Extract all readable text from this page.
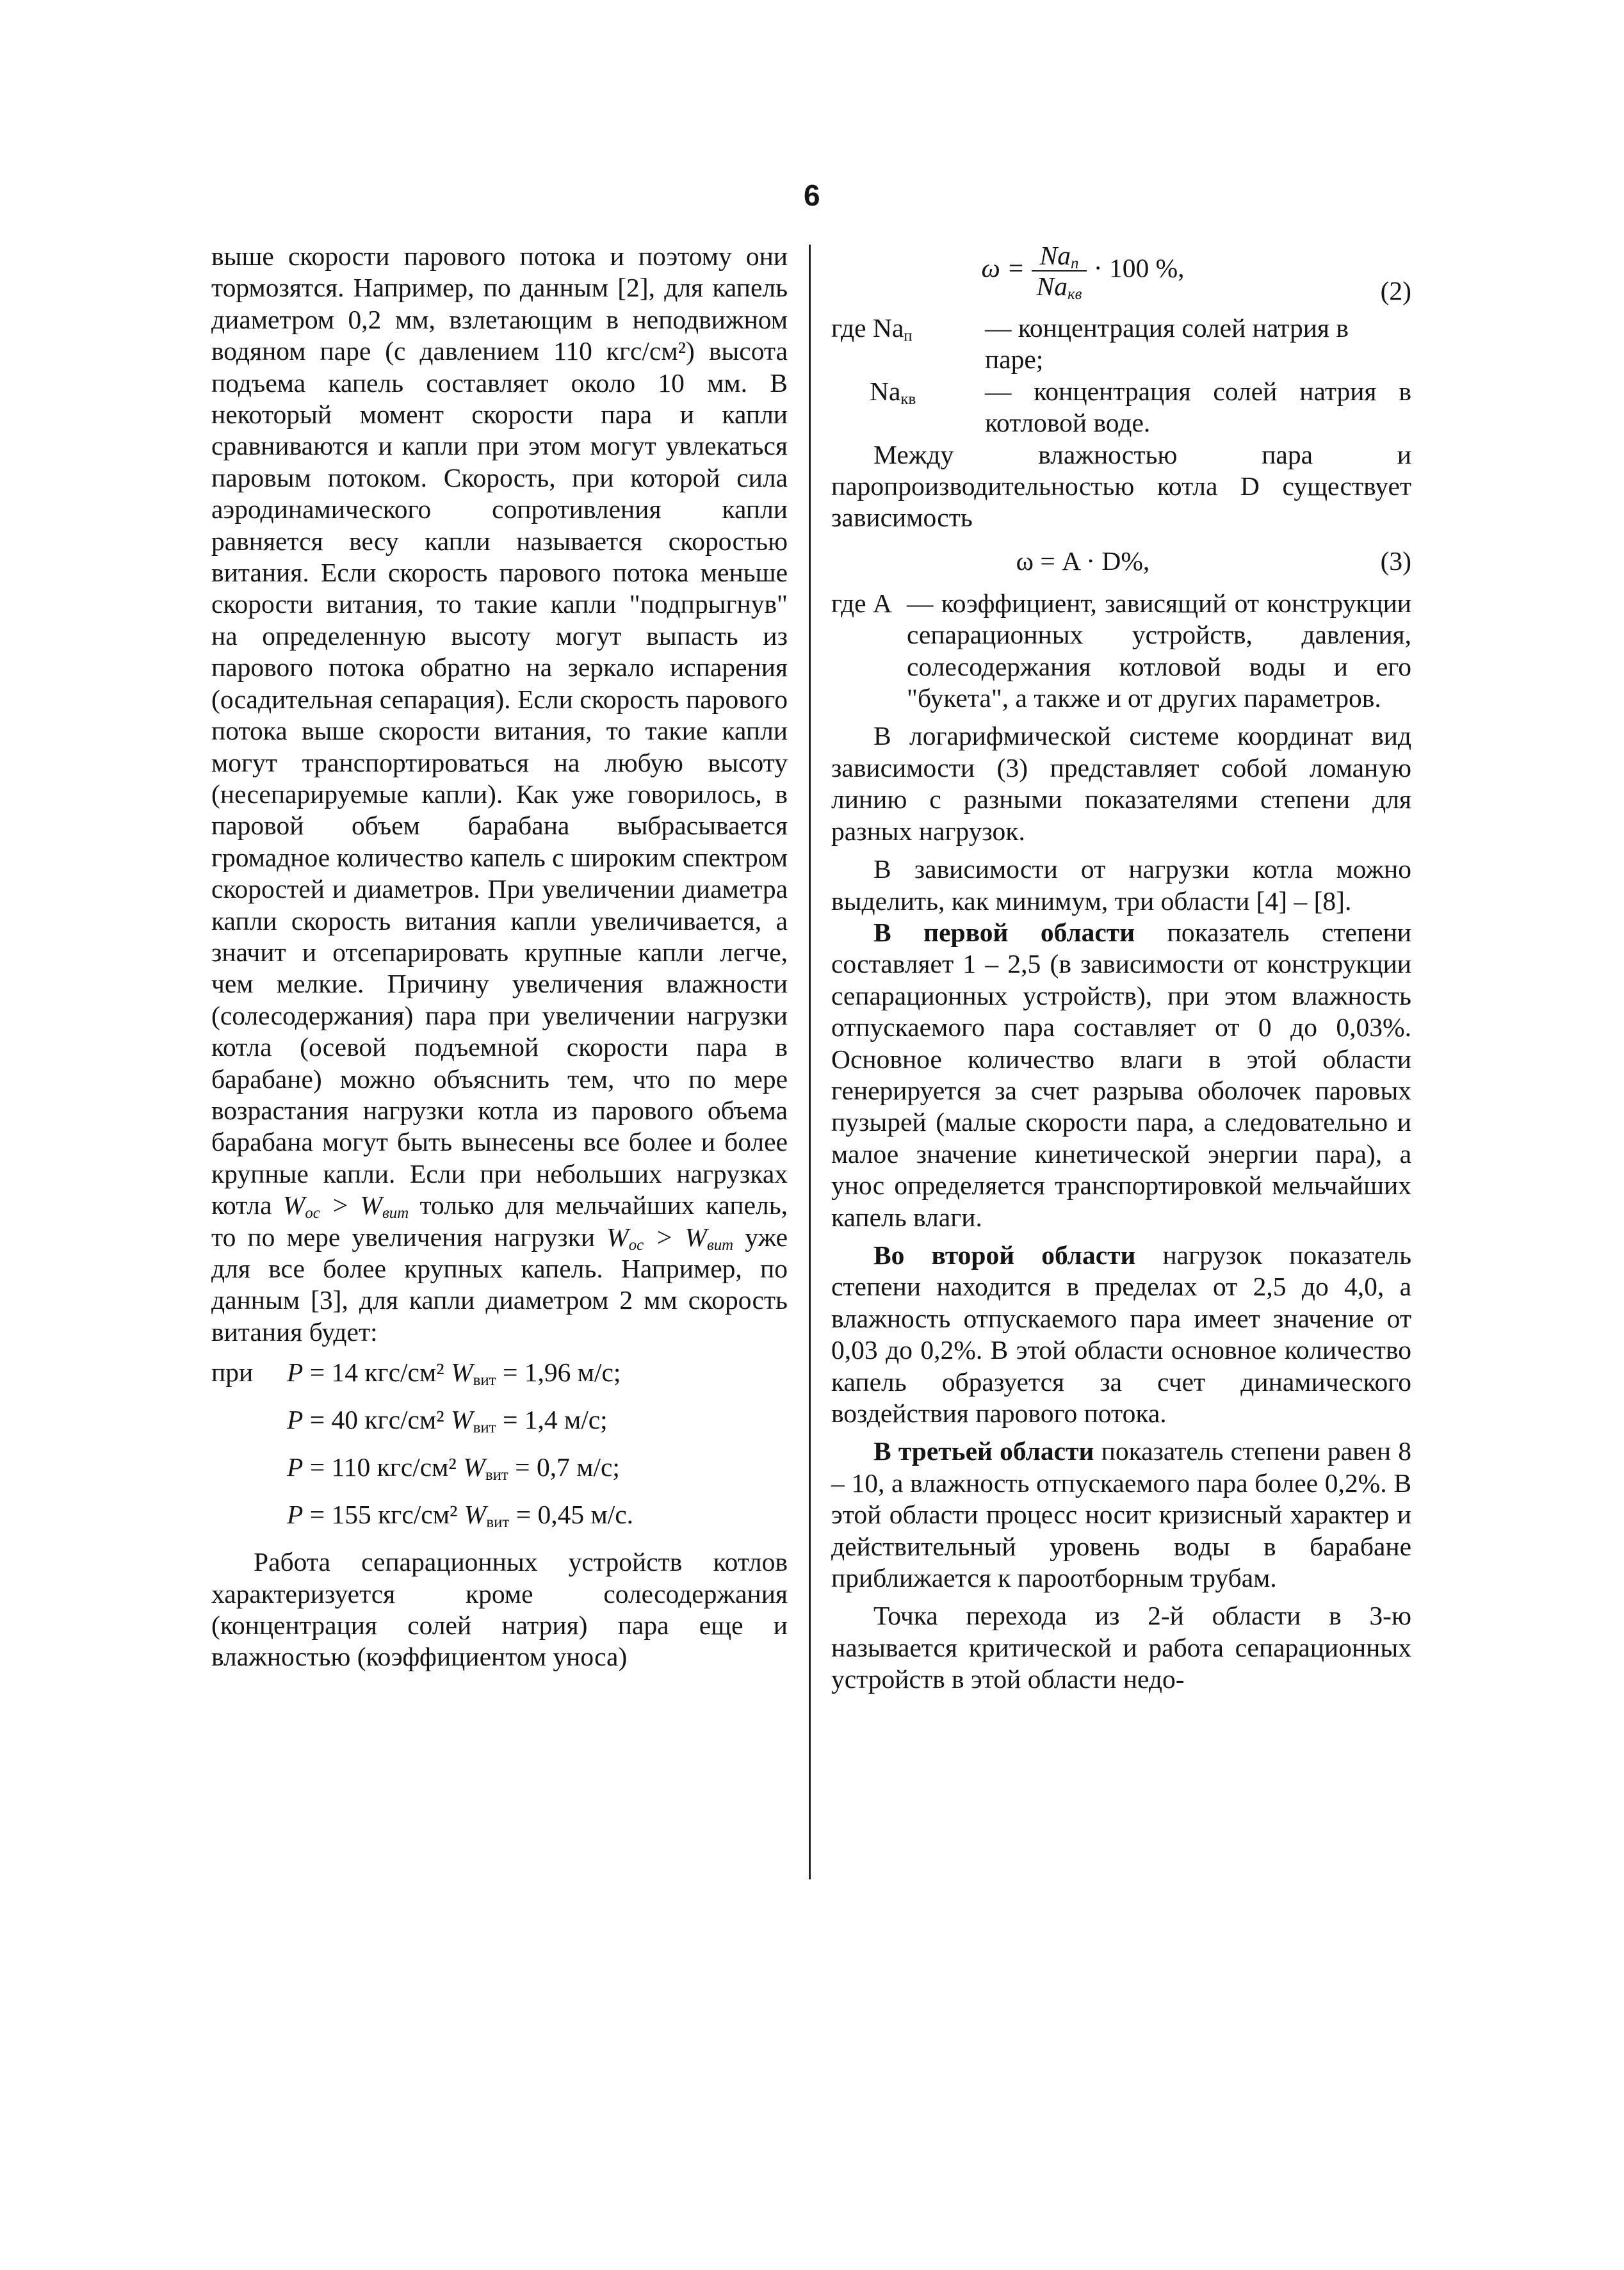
6

выше скорости парового потока и поэтому они тормозятся. Например, по данным [2], для капель диаметром 0,2 мм, взлетающим в неподвижном водяном паре (с давлением 110 кгс/см²) высота подъема капель составляет около 10 мм. В некоторый момент скорости пара и капли сравниваются и капли при этом могут увлекаться паровым потоком. Скорость, при которой сила аэродинамического сопротивления капли равняется весу капли называется скоростью витания. Если скорость парового потока меньше скорости витания, то такие капли "подпрыгнув" на определенную высоту могут выпасть из парового потока обратно на зеркало испарения (осадительная сепарация). Если скорость парового потока выше скорости витания, то такие капли могут транспортироваться на любую высоту (несепарируемые капли). Как уже говорилось, в паровой объем барабана выбрасывается громадное количество капель с широким спектром скоростей и диаметров. При увеличении диаметра капли скорость витания капли увеличивается, а значит и отсепарировать крупные капли легче, чем мелкие. Причину увеличения влажности (солесодержания) пара при увеличении нагрузки котла (осевой подъемной скорости пара в барабане) можно объяснить тем, что по мере возрастания нагрузки котла из парового объема барабана могут быть вынесены все более и более крупные капли. Если при небольших нагрузках котла $W_{ос} > W_{вит}$ только для мельчайших капель, то по мере увеличения нагрузки $W_{ос} > W_{вит}$ уже для все более крупных капель. Например, по данным [3], для капли диаметром 2 мм скорость витания будет:

при P = 14 кгс/см² $W_{вит} = 1,96$ м/с;
P = 40 кгс/см² $W_{вит} = 1,4$ м/с;
P = 110 кгс/см² $W_{вит} = 0,7$ м/с;
P = 155 кгс/см² $W_{вит} = 0,45$ м/с.

Работа сепарационных устройств котлов характеризуется кроме солесодержания (концентрация солей натрия) пара еще и влажностью (коэффициентом уноса)

$\omega = \frac{Na_п}{Na_{кв}} \cdot 100$ %,
(2)
где $Na_п$	— концентрация солей натрия в паре;
$Na_{кв}$	— концентрация солей натрия в котловой воде.

Между влажностью пара и паропроизводительностью котла D существует зависимость

ω = A · D%,	(3)
где A — коэффициент, зависящий от конструкции сепарационных устройств, давления, солесодержания котловой воды и его "букета", а также и от других параметров.

В логарифмической системе координат вид зависимости (3) представляет собой ломаную линию с разными показателями степени для разных нагрузок.

В зависимости от нагрузки котла можно выделить, как минимум, три области [4] – [8].

В первой области показатель степени составляет 1 – 2,5 (в зависимости от конструкции сепарационных устройств), при этом влажность отпускаемого пара составляет от 0 до 0,03%. Основное количество влаги в этой области генерируется за счет разрыва оболочек паровых пузырей (малые скорости пара, а следовательно и малое значение кинетической энергии пара), а унос определяется транспортировкой мельчайших капель влаги.

Во второй области нагрузок показатель степени находится в пределах от 2,5 до 4,0, а влажность отпускаемого пара имеет значение от 0,03 до 0,2%. В этой области основное количество капель образуется за счет динамического воздействия парового потока.

В третьей области показатель степени равен 8 – 10, а влажность отпускаемого пара более 0,2%. В этой области процесс носит кризисный характер и действительный уровень воды в барабане приближается к пароотборным трубам.

Точка перехода из 2-й области в 3-ю называется критической и работа сепарационных устройств в этой области недо-
